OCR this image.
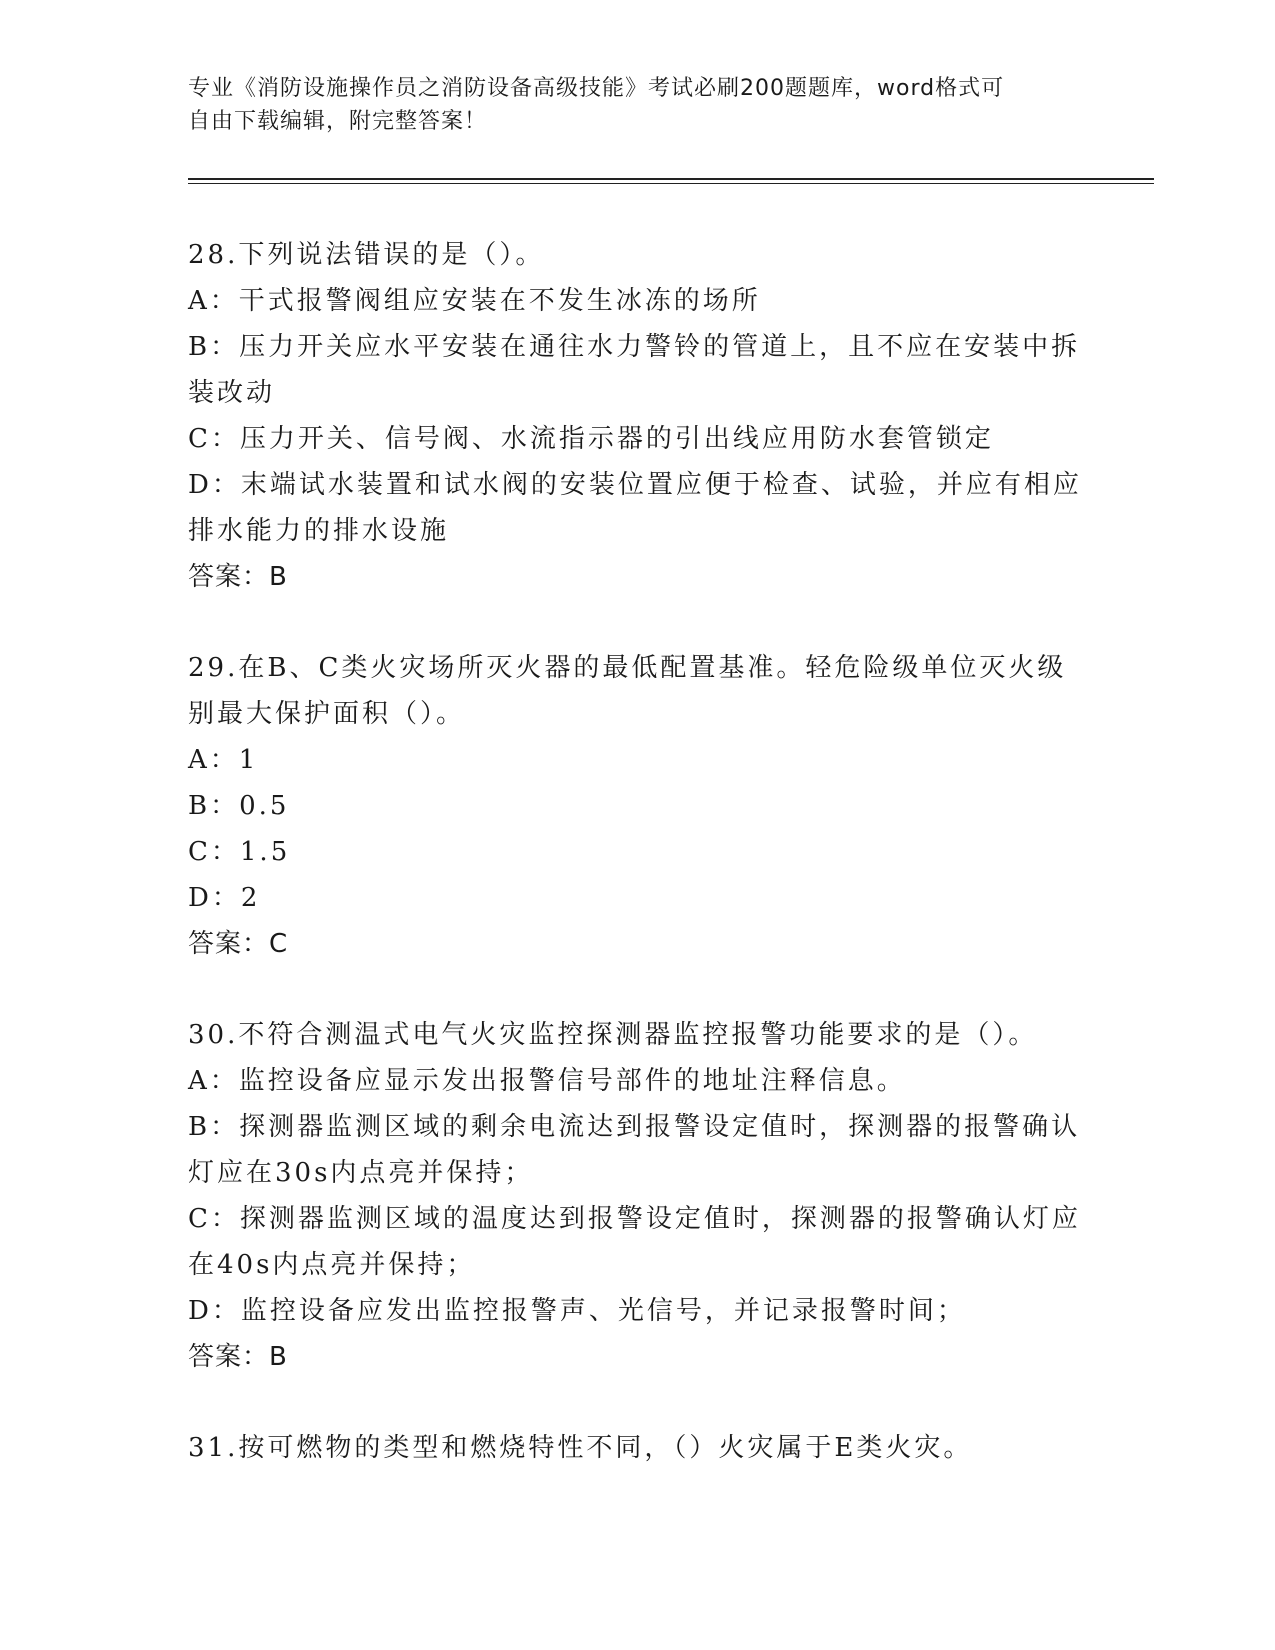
专业《消防设施操作员之消防设备高级技能》考试必刷200题题库，word格式可
自由下载编辑，附完整答案！

28.下列说法错误的是（）。

A：干式报警阀组应安装在不发生冰冻的场所

B：压力开关应水平安装在通往水力警铃的管道上，且不应在安装中拆

装改动

C：压力开关、信号阀、水流指示器的引出线应用防水套管锁定

D：末端试水装置和试水阀的安装位置应便于检查、试验，并应有相应

排水能力的排水设施

答案：B

29.在B、C类火灾场所灭火器的最低配置基准。轻危险级单位灭火级

别最大保护面积（）。

A：1

B：0.5

C：1.5

D：2

答案：C

30.不符合测温式电气火灾监控探测器监控报警功能要求的是（）。

A：监控设备应显示发出报警信号部件的地址注释信息。

B：探测器监测区域的剩余电流达到报警设定值时，探测器的报警确认

灯应在30s内点亮并保持；

C：探测器监测区域的温度达到报警设定值时，探测器的报警确认灯应

在40s内点亮并保持；

D：监控设备应发出监控报警声、光信号，并记录报警时间；

答案：B

31.按可燃物的类型和燃烧特性不同，（）火灾属于E类火灾。
